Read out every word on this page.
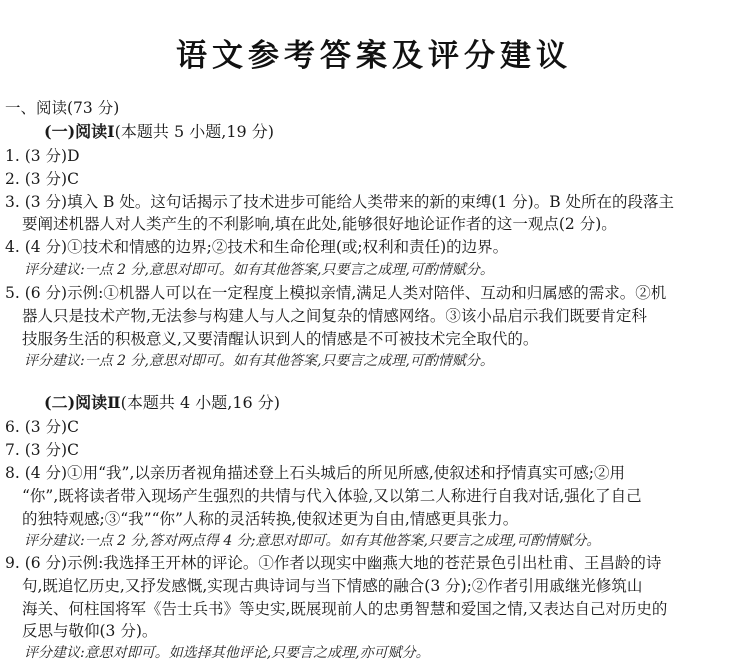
语文参考答案及评分建议
一、阅读(73 分)
(一)阅读Ⅰ(本题共 5 小题,19 分)
1. (3 分)D
2. (3 分)C
3. (3 分)填入 B 处。这句话揭示了技术进步可能给人类带来的新的束缚(1 分)。B 处所在的段落主
要阐述机器人对人类产生的不利影响,填在此处,能够很好地论证作者的这一观点(2 分)。
4. (4 分)①技术和情感的边界;②技术和生命伦理(或;权利和责任)的边界。
评分建议:一点 2 分,意思对即可。如有其他答案,只要言之成理,可酌情赋分。
5. (6 分)示例:①机器人可以在一定程度上模拟亲情,满足人类对陪伴、互动和归属感的需求。②机
器人只是技术产物,无法参与构建人与人之间复杂的情感网络。③该小品启示我们既要肯定科
技服务生活的积极意义,又要清醒认识到人的情感是不可被技术完全取代的。
评分建议:一点 2 分,意思对即可。如有其他答案,只要言之成理,可酌情赋分。
(二)阅读Ⅱ(本题共 4 小题,16 分)
6. (3 分)C
7. (3 分)C
8. (4 分)①用“我”,以亲历者视角描述登上石头城后的所见所感,使叙述和抒情真实可感;②用
“你”,既将读者带入现场产生强烈的共情与代入体验,又以第二人称进行自我对话,强化了自己
的独特观感;③“我”“你”人称的灵活转换,使叙述更为自由,情感更具张力。
评分建议:一点 2 分,答对两点得 4 分;意思对即可。如有其他答案,只要言之成理,可酌情赋分。
9. (6 分)示例:我选择王开林的评论。①作者以现实中幽燕大地的苍茫景色引出杜甫、王昌龄的诗
句,既追忆历史,又抒发感慨,实现古典诗词与当下情感的融合(3 分);②作者引用戚继光修筑山
海关、何柱国将军《告士兵书》等史实,既展现前人的忠勇智慧和爱国之情,又表达自己对历史的
反思与敬仰(3 分)。
评分建议:意思对即可。如选择其他评论,只要言之成理,亦可赋分。
